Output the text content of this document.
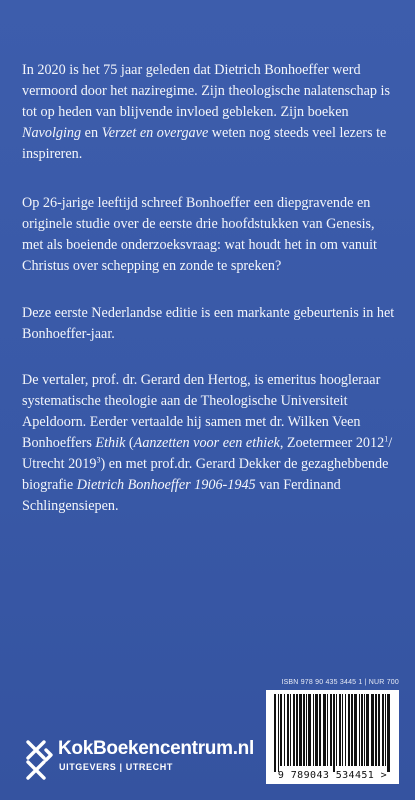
In 2020 is het 75 jaar geleden dat Dietrich Bonhoeffer werd vermoord door het naziregime. Zijn theologische nalatenschap is tot op heden van blijvende invloed gebleken. Zijn boeken Navolging en Verzet en overgave weten nog steeds veel lezers te inspireren.

Op 26-jarige leeftijd schreef Bonhoeffer een diepgravende en originele studie over de eerste drie hoofdstukken van Genesis, met als boeiende onderzoeksvraag: wat houdt het in om vanuit Christus over schepping en zonde te spreken?

Deze eerste Nederlandse editie is een markante gebeurtenis in het Bonhoeffer-jaar.

De vertaler, prof. dr. Gerard den Hertog, is emeritus hoogleraar systematische theologie aan de Theologische Universiteit Apeldoorn. Eerder vertaalde hij samen met dr. Wilken Veen Bonhoeffers Ethik (Aanzetten voor een ethiek, Zoetermeer 2012$^1$/ Utrecht 2019$^3$) en met prof.dr. Gerard Dekker de gezaghebbende biografie Dietrich Bonhoeffer 1906-1945 van Ferdinand Schlingensiepen.

ISBN 978 90 435 3445 1 | NUR 700
9 789043 534451 >
KokBoekencentrum.nl
UITGEVERS | UTRECHT
